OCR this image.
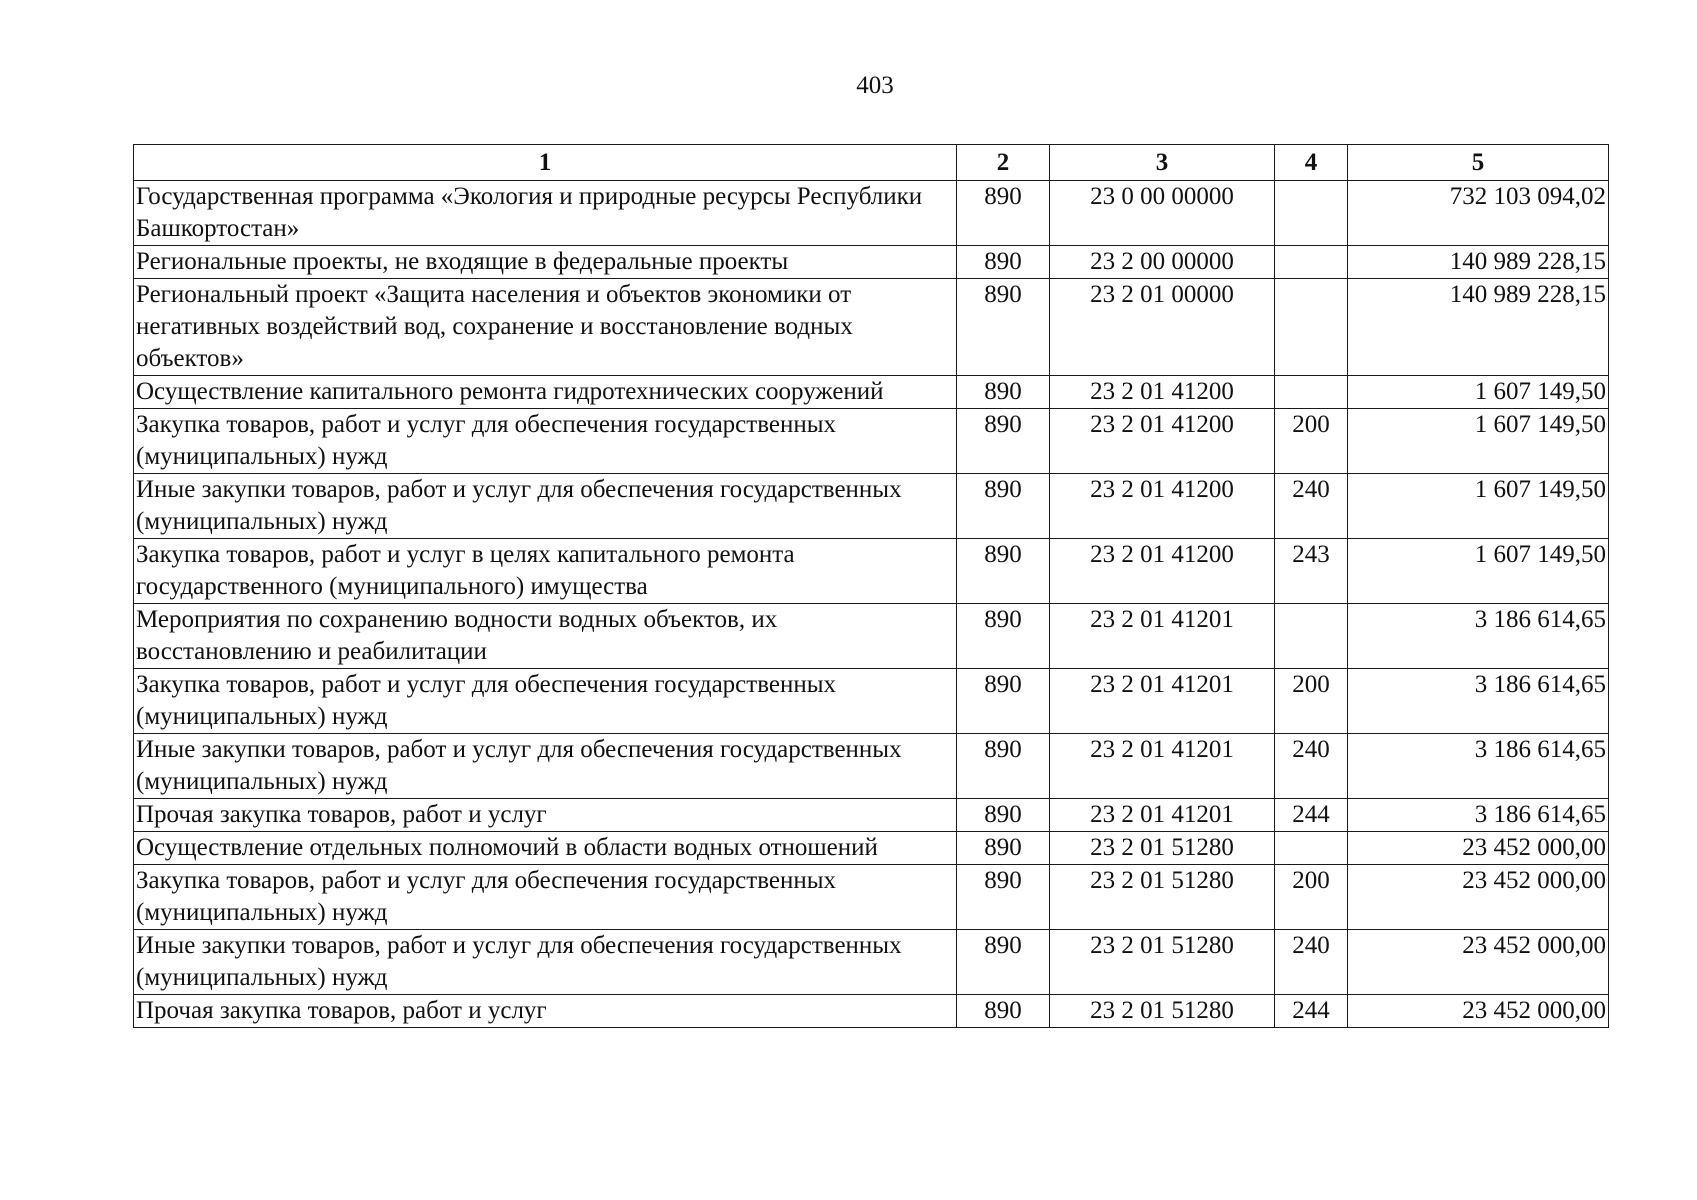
403
1	2	3	4	5
Государственная программа «Экология и природные ресурсы Республики Башкортостан»	890	23 0 00 00000		732 103 094,02
Региональные проекты, не входящие в федеральные проекты	890	23 2 00 00000		140 989 228,15
Региональный проект «Защита населения и объектов экономики от негативных воздействий вод, сохранение и восстановление водных объектов»	890	23 2 01 00000		140 989 228,15
Осуществление капитального ремонта гидротехнических сооружений	890	23 2 01 41200		1 607 149,50
Закупка товаров, работ и услуг для обеспечения государственных (муниципальных) нужд	890	23 2 01 41200	200	1 607 149,50
Иные закупки товаров, работ и услуг для обеспечения государственных (муниципальных) нужд	890	23 2 01 41200	240	1 607 149,50
Закупка товаров, работ и услуг в целях капитального ремонта государственного (муниципального) имущества	890	23 2 01 41200	243	1 607 149,50
Мероприятия по сохранению водности водных объектов, их восстановлению и реабилитации	890	23 2 01 41201		3 186 614,65
Закупка товаров, работ и услуг для обеспечения государственных (муниципальных) нужд	890	23 2 01 41201	200	3 186 614,65
Иные закупки товаров, работ и услуг для обеспечения государственных (муниципальных) нужд	890	23 2 01 41201	240	3 186 614,65
Прочая закупка товаров, работ и услуг	890	23 2 01 41201	244	3 186 614,65
Осуществление отдельных полномочий в области водных отношений	890	23 2 01 51280		23 452 000,00
Закупка товаров, работ и услуг для обеспечения государственных (муниципальных) нужд	890	23 2 01 51280	200	23 452 000,00
Иные закупки товаров, работ и услуг для обеспечения государственных (муниципальных) нужд	890	23 2 01 51280	240	23 452 000,00
Прочая закупка товаров, работ и услуг	890	23 2 01 51280	244	23 452 000,00
